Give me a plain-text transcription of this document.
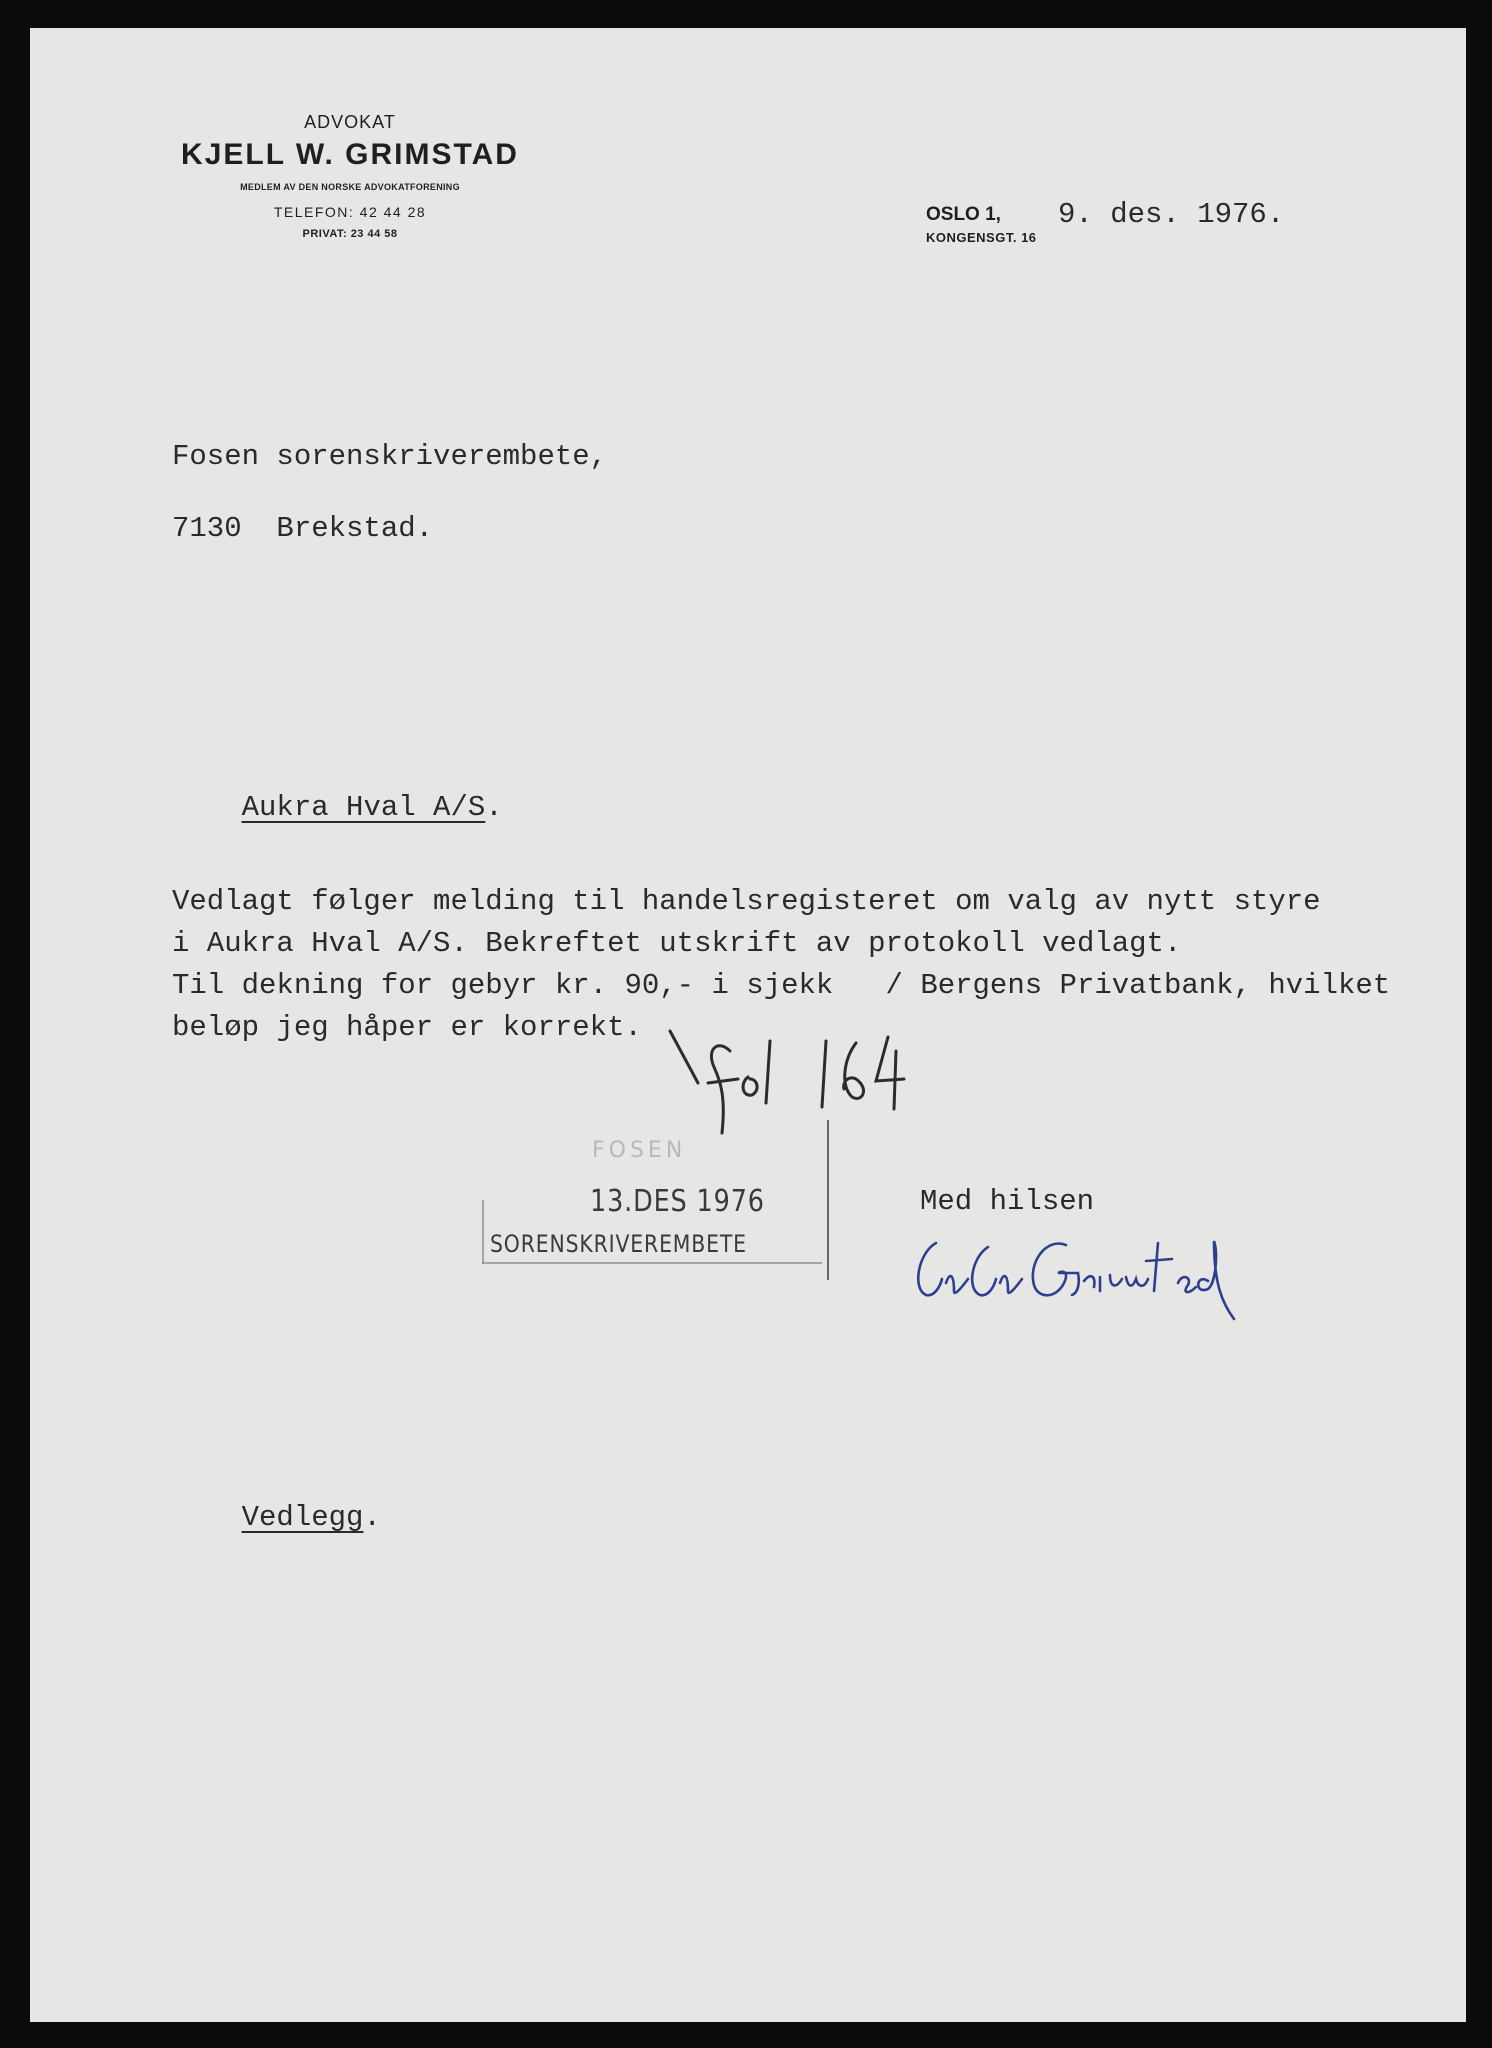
ADVOKAT
KJELL W. GRIMSTAD
MEDLEM AV DEN NORSKE ADVOKATFORENING
TELEFON: 42 44 28
PRIVAT: 23 44 58
OSLO 1,
KONGENSGT. 16
9. des. 1976.
Fosen sorenskriverembete,
7130  Brekstad.

Aukra Hval A/S.

Vedlagt følger melding til handelsregisteret om valg av nytt styre
i Aukra Hval A/S. Bekreftet utskrift av protokoll vedlagt.
Til dekning for gebyr kr. 90,- i sjekk   / Bergens Privatbank, hvilket
beløp jeg håper er korrekt.
FOSEN
13.DES 1976
SORENSKRIVEREMBETE
Med hilsen

Vedlegg.
